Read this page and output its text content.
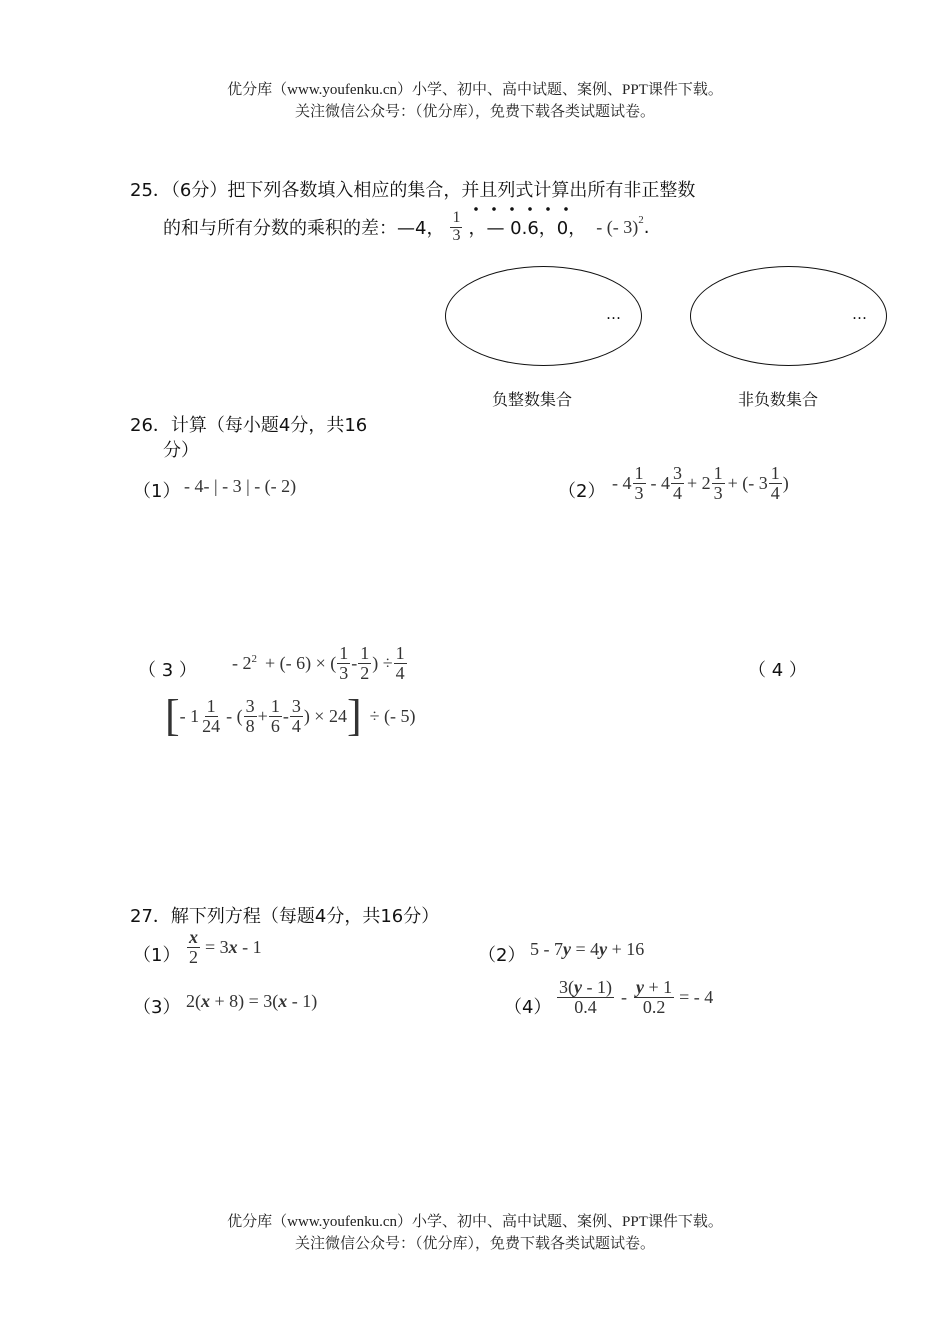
优分库（www.youfenku.cn）小学、初中、高中试题、案例、PPT课件下载。
关注微信公众号：（优分库），免费下载各类试题试卷。
25．（6分）把下列各数填入相应的集合，并且列式计算出所有非正整数
的和与所有分数的乘积的差：—4， $\frac{1}{3}$ ，— 0.6，0， - (- 3)$^2$ .
…	…
负整数集合	非负数集合
26．计算（每小题4分，共16
分）
（1） - 4- | - 3 | - (- 2)	$(2) - 4 \frac{1}{3} - 4 \frac{3}{4} + 2 \frac{1}{3}$ + (- $3 \frac{1}{4}$ )
（ 3 ） - $2^2$ + (- 6) × ( $\frac{1}{3} - \frac{1}{2}$ ) ÷ $\frac{1}{4}$	（ 4 ）
[ - $1 \frac{1}{24}$ - ( $\frac{3}{8} + \frac{1}{6} - \frac{3}{4}$ ) × 24 ] ÷ (- 5)
27．解下列方程（每题4分，共16分）
$(1) \frac{x}{2} = 3x - 1$	（2） 5 - 7y = 4y + 16
（3） 2(x + 8) = 3(x - 1)	$(4) \frac{3(y - 1)}{0.4} - \frac{y + 1}{0.2}$ = - 4
优分库（www.youfenku.cn）小学、初中、高中试题、案例、PPT课件下载。
关注微信公众号：（优分库），免费下载各类试题试卷。
